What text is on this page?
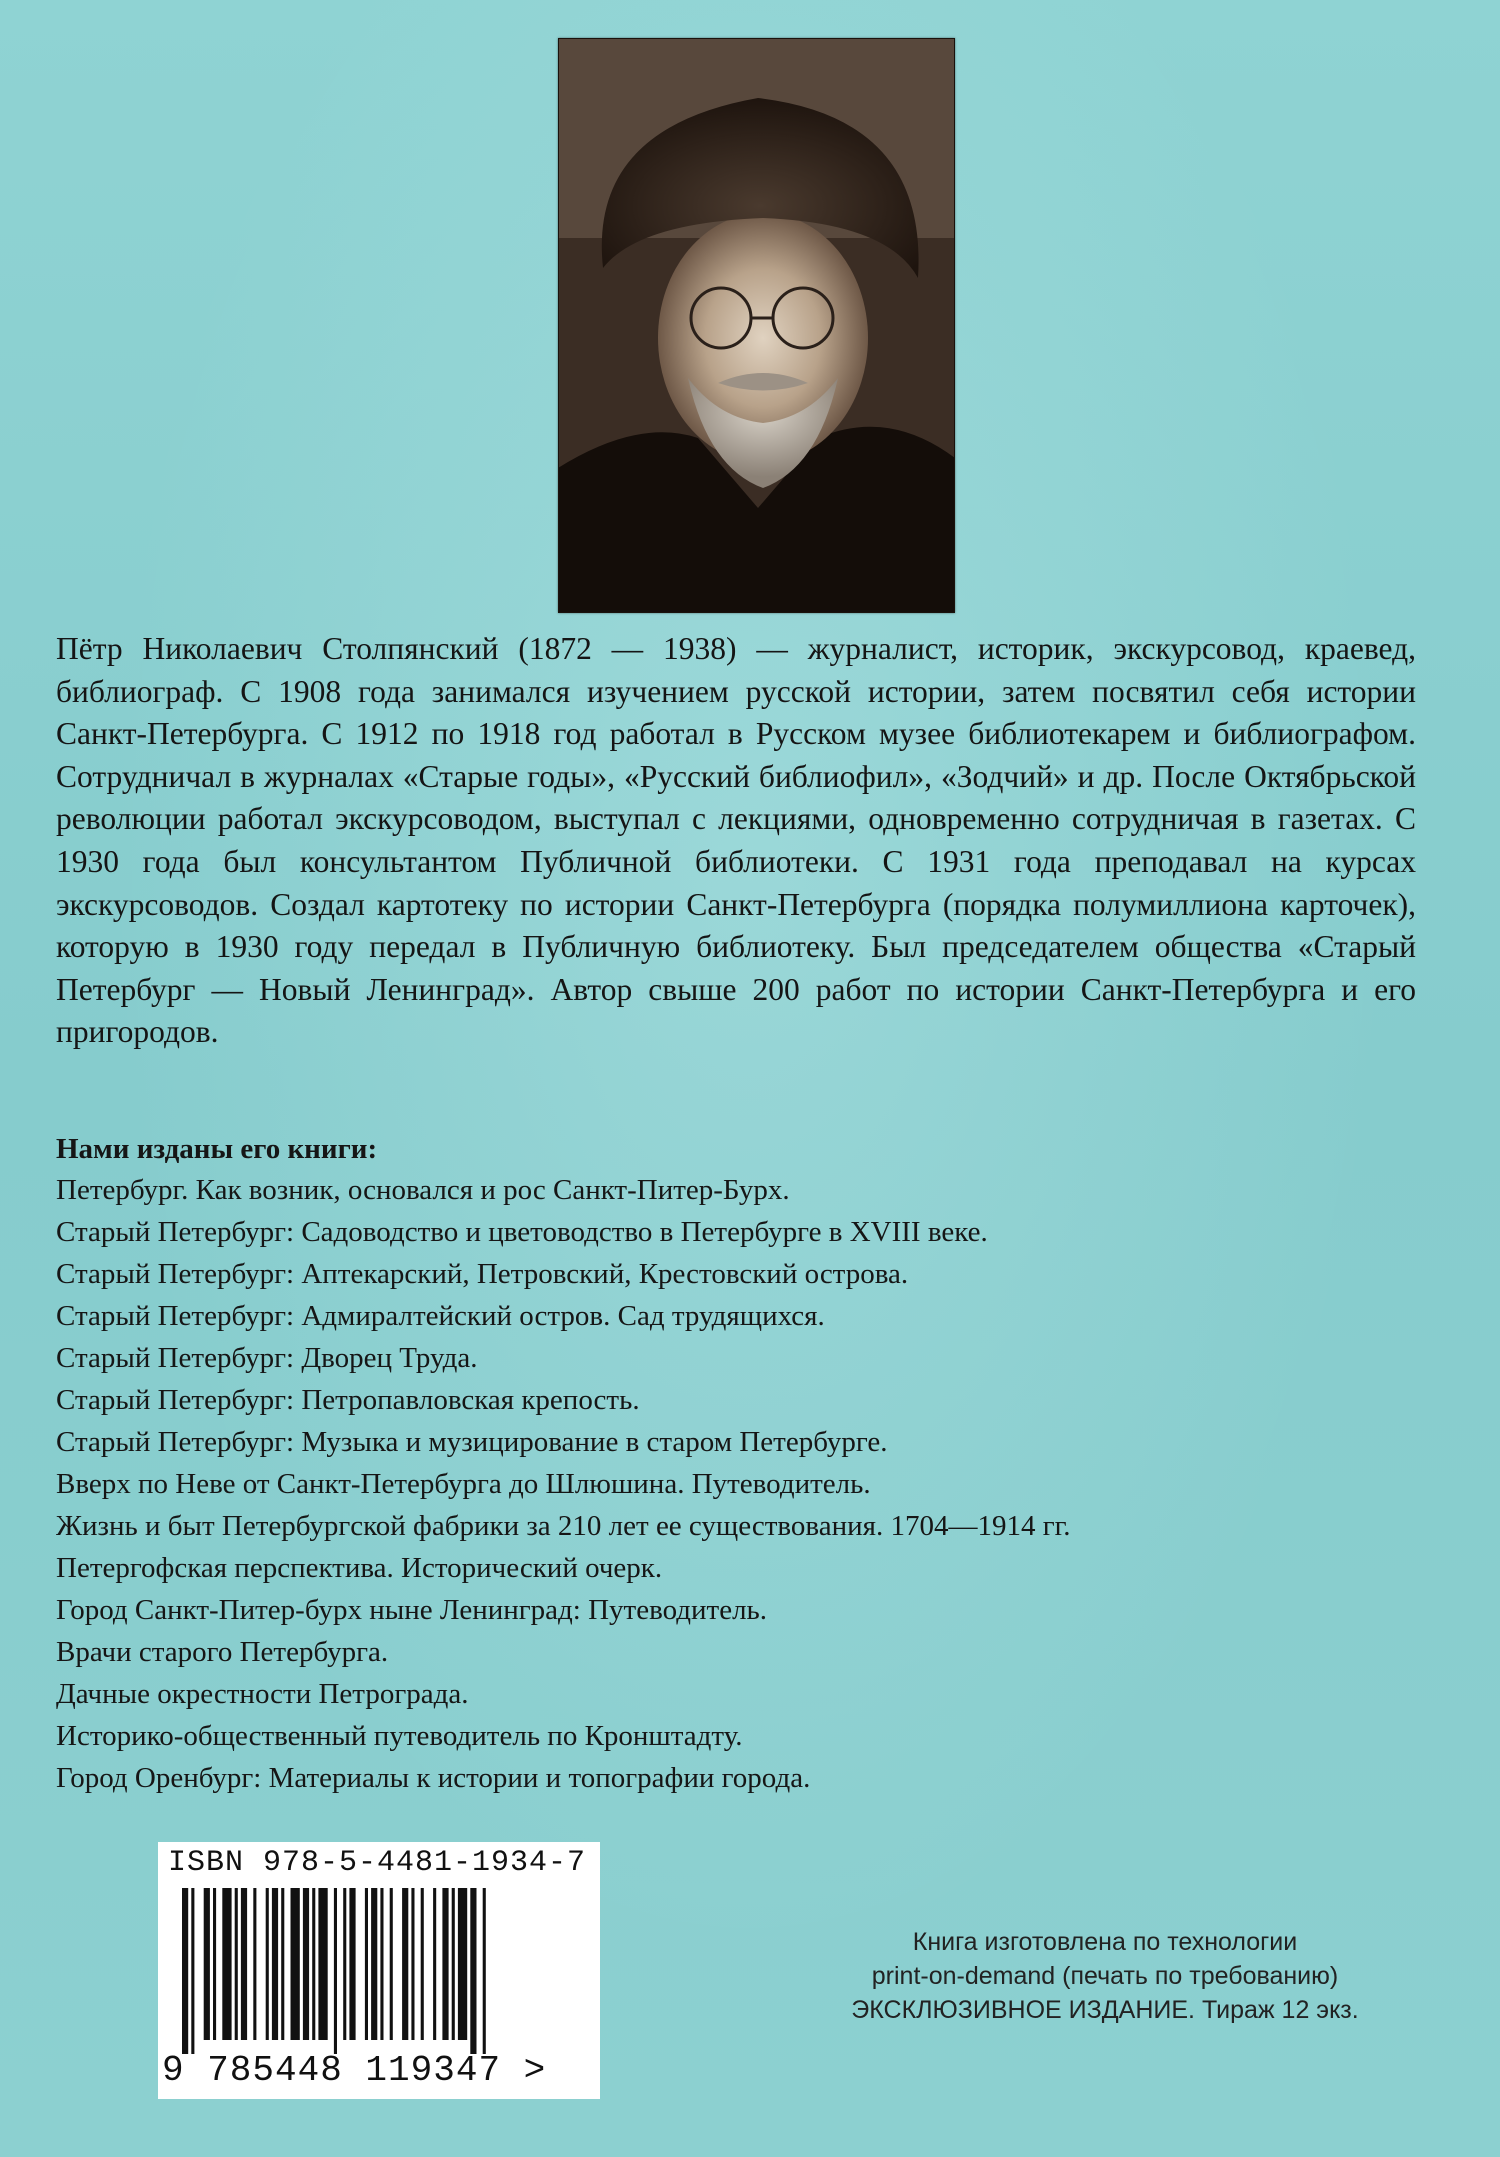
Пётр Николаевич Столпянский (1872 — 1938) — журналист, историк, экскурсовод, краевед, библиограф. С 1908 года занимался изучением русской истории, затем посвятил себя истории Санкт-Петербурга. С 1912 по 1918 год работал в Русском музее библиотекарем и библиографом. Сотрудничал в журналах «Старые годы», «Русский библиофил», «Зодчий» и др. После Октябрьской революции работал экскурсоводом, выступал с лекциями, одновременно сотрудничая в газетах. С 1930 года был консультантом Публичной библиотеки. С 1931 года преподавал на курсах экскурсоводов. Создал картотеку по истории Санкт-Петербурга (порядка полумиллиона карточек), которую в 1930 году передал в Публичную библиотеку. Был председателем общества «Старый Петербург — Новый Ленинград». Автор свыше 200 работ по истории Санкт-Петербурга и его пригородов.

Нами изданы его книги:

Петербург. Как возник, основался и рос Санкт-Питер-Бурх.
Старый Петербург: Садоводство и цветоводство в Петербурге в XVIII веке.
Старый Петербург: Аптекарский, Петровский, Крестовский острова.
Старый Петербург: Адмиралтейский остров. Сад трудящихся.
Старый Петербург: Дворец Труда.
Старый Петербург: Петропавловская крепость.
Старый Петербург: Музыка и музицирование в старом Петербурге.
Вверх по Неве от Санкт-Петербурга до Шлюшина. Путеводитель.
Жизнь и быт Петербургской фабрики за 210 лет ее существования. 1704—1914 гг.
Петергофская перспектива. Исторический очерк.
Город Санкт-Питер-бурх ныне Ленинград: Путеводитель.
Врачи старого Петербурга.
Дачные окрестности Петрограда.
Историко-общественный путеводитель по Кронштадту.
Город Оренбург: Материалы к истории и топографии города.
ISBN 978-5-4481-1934-7
9 785448 119347 >
Книга изготовлена по технологии
print-on-demand (печать по требованию)
ЭКСКЛЮЗИВНОЕ ИЗДАНИЕ. Тираж 12 экз.
